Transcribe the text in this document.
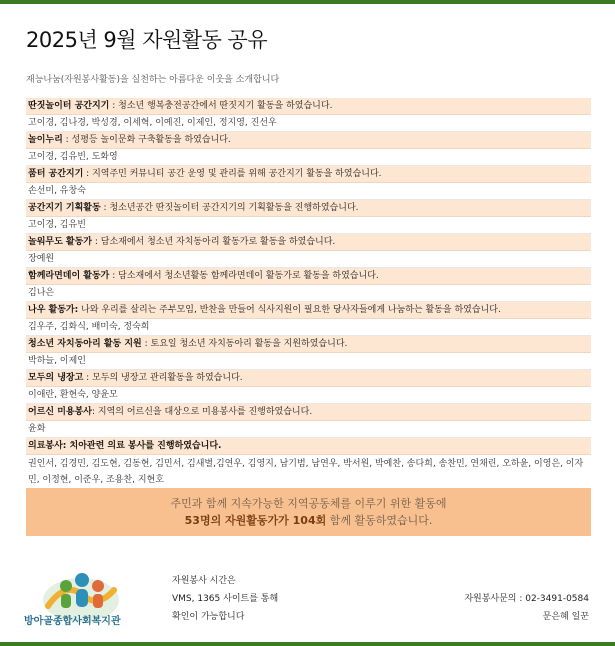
2025년 9월 자원활동 공유
재능나눔(자원봉사활동)을 실천하는 아름다운 이웃을 소개합니다
딴짓놀이터 공간지기 : 청소년 행복충전공간에서 딴짓지기 활동을 하였습니다.
고이경, 김나경, 박성경, 이세혁, 이예진, 이제인, 정지영, 진선우
놀이누리 : 성평등 놀이문화 구축활동을 하였습니다.
고이경, 김유빈, 도화영
품터 공간지기 : 지역주민 커뮤니티 공간 운영 및 관리를 위해 공간지기 활동을 하였습니다.
손선미, 유창숙
공간지기 기획활동 : 청소년공간 딴짓놀이터 공간지기의 기획활동을 진행하였습니다.
고이경, 김유빈
놀워무도 활동가 : 담소재에서 청소년 자치동아리 활동가로 활동을 하였습니다.
장예원
함께라면데이 활동가 : 담소재에서 청소년활동 함께라면데이 활동가로 활동을 하였습니다.
김나은
나우 활동가: 나와 우리를 살리는 주부모임, 반찬을 만들어 식사지원이 필요한 당사자들에게 나눔하는 활동을 하였습니다.
김우주, 김화식, 배미숙, 정숙희
청소년 자치동아리 활동 지원 : 토요일 청소년 자치동아리 활동을 지원하였습니다.
박하늘, 이제인
모두의 냉장고 : 모두의 냉장고 관리활동을 하였습니다.
이애란, 환현숙, 양윤모
어르신 미용봉사: 지역의 어르신을 대상으로 미용봉사를 진행하였습니다.
윤화
의료봉사: 치아관련 의료 봉사를 진행하였습니다.
권인서, 김경민, 김도현, 김동현, 김민서, 김새별,김연우, 김영지, 남기범, 남연우, 박서원, 박예찬, 송다희, 송찬민, 연채린, 오하윤, 이영은, 이자민, 이정현, 이준우, 조용찬, 지현호
주민과 함께 지속가능한 지역공동체를 이루기 위한 활동에
53명의 자원활동가가 104회 함께 활동하였습니다.
방아골종합사회복지관
자원봉사 시간은
VMS, 1365 사이트를 통해
확인이 가능합니다
자원봉사문의 : 02-3491-0584
문은혜 일꾼
